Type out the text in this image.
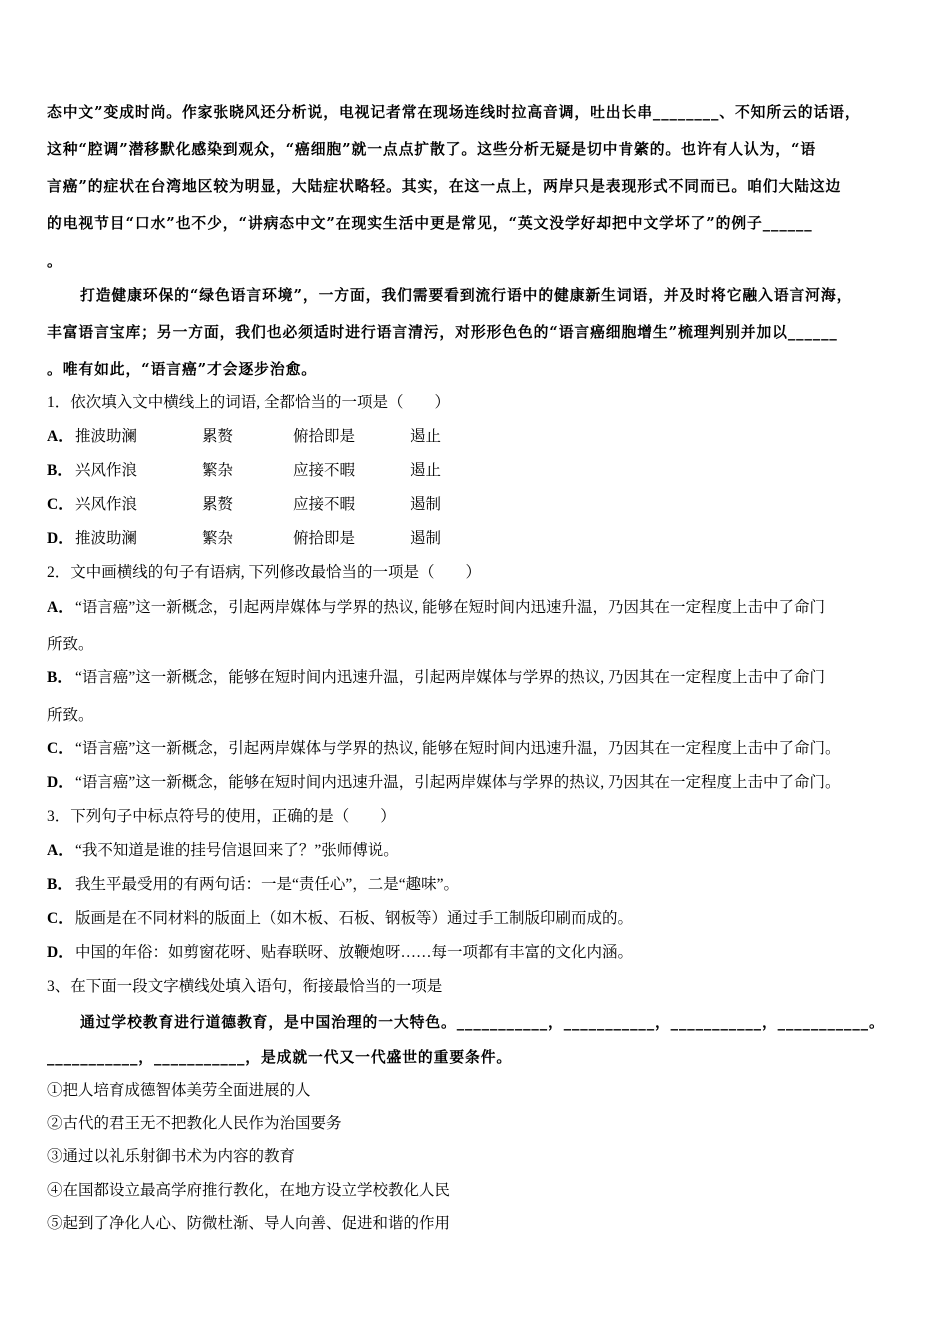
态中文”变成时尚。作家张晓风还分析说，电视记者常在现场连线时拉高音调，吐出长串________、不知所云的话语，
这种“腔调”潜移默化感染到观众，“癌细胞”就一点点扩散了。这些分析无疑是切中肯綮的。也许有人认为，“语
言癌”的症状在台湾地区较为明显，大陆症状略轻。其实，在这一点上，两岸只是表现形式不同而已。咱们大陆这边
的电视节目“口水”也不少，“讲病态中文”在现实生活中更是常见，“英文没学好却把中文学坏了”的例子______
。
打造健康环保的“绿色语言环境”，一方面，我们需要看到流行语中的健康新生词语，并及时将它融入语言河海，
丰富语言宝库；另一方面，我们也必须适时进行语言清污，对形形色色的“语言癌细胞增生”梳理判别并加以______
。唯有如此，“语言癌”才会逐步治愈。
1．依次填入文中横线上的词语, 全都恰当的一项是（　　）
A． 推波助澜	累赘	俯拾即是	遏止
B． 兴风作浪	繁杂	应接不暇	遏止
C． 兴风作浪	累赘	应接不暇	遏制
D． 推波助澜	繁杂	俯拾即是	遏制
2．文中画横线的句子有语病, 下列修改最恰当的一项是（　　）
A． “语言癌”这一新概念，引起两岸媒体与学界的热议, 能够在短时间内迅速升温，乃因其在一定程度上击中了命门
所致。
B． “语言癌”这一新概念，能够在短时间内迅速升温，引起两岸媒体与学界的热议, 乃因其在一定程度上击中了命门
所致。
C． “语言癌”这一新概念，引起两岸媒体与学界的热议, 能够在短时间内迅速升温，乃因其在一定程度上击中了命门。
D． “语言癌”这一新概念，能够在短时间内迅速升温，引起两岸媒体与学界的热议, 乃因其在一定程度上击中了命门。
3．下列句子中标点符号的使用，正确的是（　　）
A． “我不知道是谁的挂号信退回来了？”张师傅说。
B． 我生平最受用的有两句话：一是“责任心”，二是“趣味”。
C． 版画是在不同材料的版面上（如木板、石板、钢板等）通过手工制版印刷而成的。
D． 中国的年俗：如剪窗花呀、贴春联呀、放鞭炮呀……每一项都有丰富的文化内涵。
3、在下面一段文字横线处填入语句，衔接最恰当的一项是
通过学校教育进行道德教育，是中国治理的一大特色。___________，___________，___________，___________。
___________，___________，是成就一代又一代盛世的重要条件。
①把人培育成德智体美劳全面进展的人
②古代的君王无不把教化人民作为治国要务
③通过以礼乐射御书术为内容的教育
④在国都设立最高学府推行教化，在地方设立学校教化人民
⑤起到了净化人心、防微杜渐、导人向善、促进和谐的作用
